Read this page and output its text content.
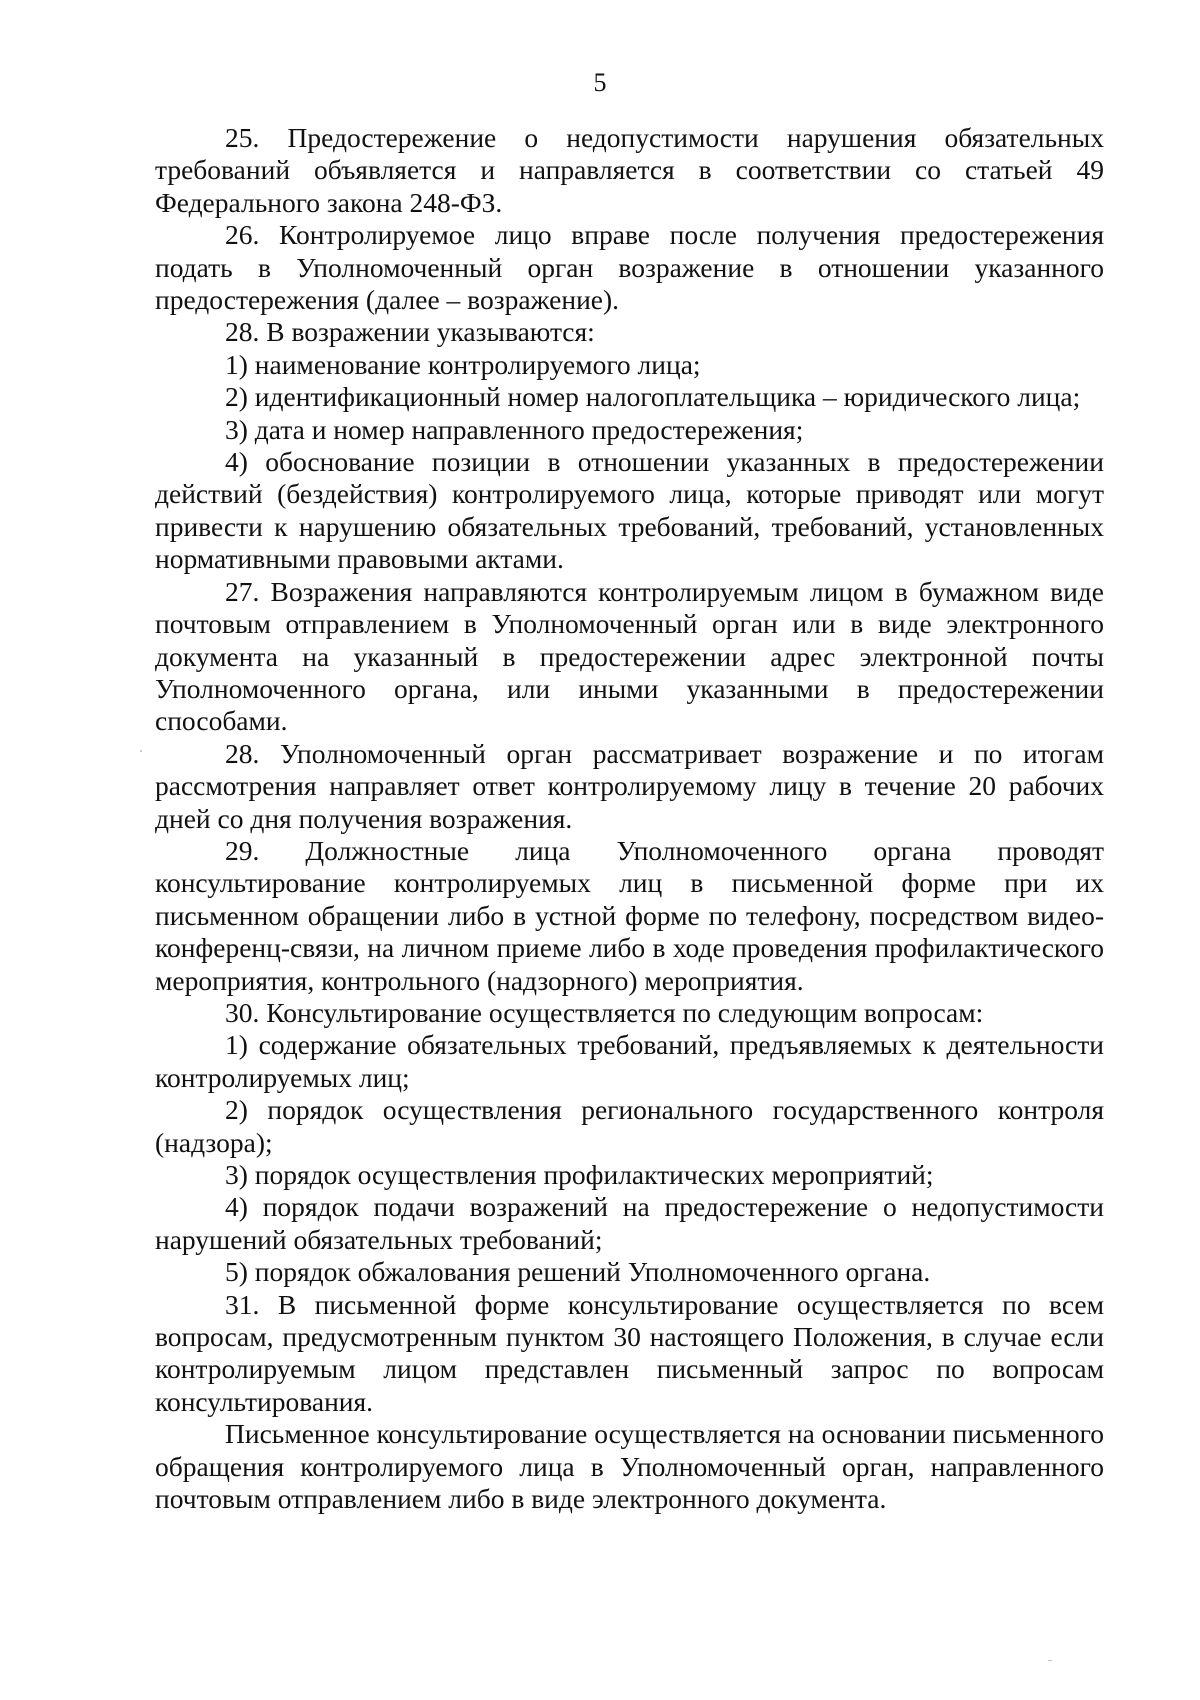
5

25. Предостережение о недопустимости нарушения обязательных требований объявляется и направляется в соответствии со статьей 49 Федерального закона 248-ФЗ.

26. Контролируемое лицо вправе после получения предостережения подать в Уполномоченный орган возражение в отношении указанного предостережения (далее – возражение).

28. В возражении указываются:

1) наименование контролируемого лица;

2) идентификационный номер налогоплательщика – юридического лица;

3) дата и номер направленного предостережения;

4) обоснование позиции в отношении указанных в предостережении действий (бездействия) контролируемого лица, которые приводят или могут привести к нарушению обязательных требований, требований, установленных нормативными правовыми актами.

27. Возражения направляются контролируемым лицом в бумажном виде почтовым отправлением в Уполномоченный орган или в виде электронного документа на указанный в предостережении адрес электронной почты Уполномоченного органа, или иными указанными в предостережении способами.

28. Уполномоченный орган рассматривает возражение и по итогам рассмотрения направляет ответ контролируемому лицу в течение 20 рабочих дней со дня получения возражения.

29. Должностные лица Уполномоченного органа проводят консультирование контролируемых лиц в письменной форме при их письменном обращении либо в устной форме по телефону, посредством видео-конференц-связи, на личном приеме либо в ходе проведения профилактического мероприятия, контрольного (надзорного) мероприятия.

30. Консультирование осуществляется по следующим вопросам:

1) содержание обязательных требований, предъявляемых к деятельности контролируемых лиц;

2) порядок осуществления регионального государственного контроля (надзора);

3) порядок осуществления профилактических мероприятий;

4) порядок подачи возражений на предостережение о недопустимости нарушений обязательных требований;

5) порядок обжалования решений Уполномоченного органа.

31. В письменной форме консультирование осуществляется по всем вопросам, предусмотренным пунктом 30 настоящего Положения, в случае если контролируемым лицом представлен письменный запрос по вопросам консультирования.

Письменное консультирование осуществляется на основании письменного обращения контролируемого лица в Уполномоченный орган, направленного почтовым отправлением либо в виде электронного документа.
